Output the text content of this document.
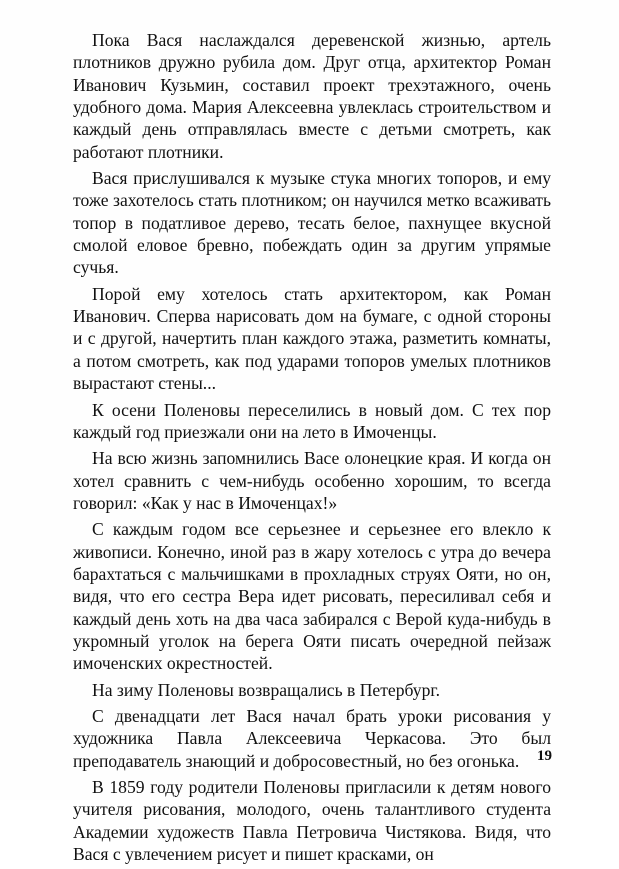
Пока Вася наслаждался деревенской жизнью, артель плотников дружно рубила дом. Друг отца, архитектор Роман Иванович Кузьмин, составил проект трехэтажного, очень удобного дома. Мария Алексеевна увлеклась строительством и каждый день отправлялась вместе с детьми смотреть, как работают плотники.

Вася прислушивался к музыке стука многих топоров, и ему тоже захотелось стать плотником; он научился метко всаживать топор в податливое дерево, тесать белое, пахнущее вкусной смолой еловое бревно, побеждать один за другим упрямые сучья.

Порой ему хотелось стать архитектором, как Роман Иванович. Сперва нарисовать дом на бумаге, с одной стороны и с другой, начертить план каждого этажа, разметить комнаты, а потом смотреть, как под ударами топоров умелых плотников вырастают стены...

К осени Поленовы переселились в новый дом. С тех пор каждый год приезжали они на лето в Имоченцы.

На всю жизнь запомнились Васе олонецкие края. И когда он хотел сравнить с чем-нибудь особенно хорошим, то всегда говорил: «Как у нас в Имоченцах!»

С каждым годом все серьезнее и серьезнее его влекло к живописи. Конечно, иной раз в жару хотелось с утра до вечера барахтаться с мальчишками в прохладных струях Ояти, но он, видя, что его сестра Вера идет рисовать, пересиливал себя и каждый день хоть на два часа забирался с Верой куда-нибудь в укромный уголок на берега Ояти писать очередной пейзаж имоченских окрестностей.

На зиму Поленовы возвращались в Петербург.

С двенадцати лет Вася начал брать уроки рисования у художника Павла Алексеевича Черкасова. Это был преподаватель знающий и добросовестный, но без огонька.

В 1859 году родители Поленовы пригласили к детям нового учителя рисования, молодого, очень талантливого студента Академии художеств Павла Петровича Чистякова. Видя, что Вася с увлечением рисует и пишет красками, он

19
